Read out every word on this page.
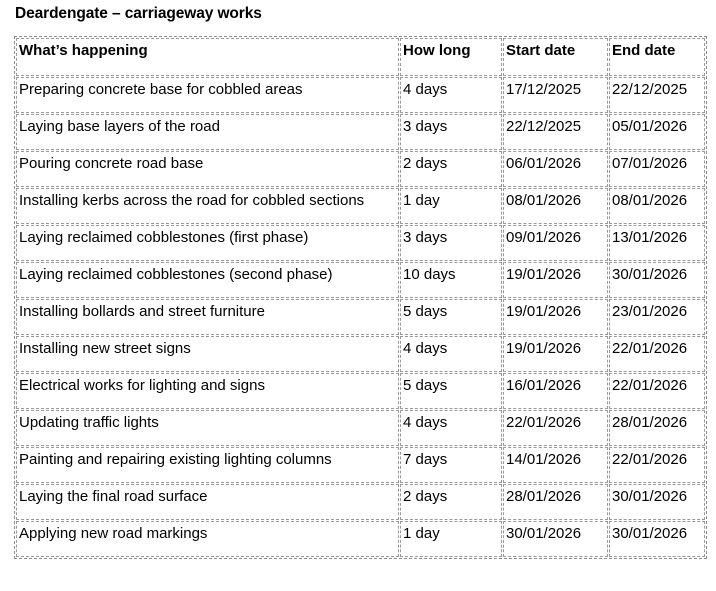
Deardengate – carriageway works
What’s happening	How long	Start date	End date
Preparing concrete base for cobbled areas	4 days	17/12/2025	22/12/2025
Laying base layers of the road	3 days	22/12/2025	05/01/2026
Pouring concrete road base	2 days	06/01/2026	07/01/2026
Installing kerbs across the road for cobbled sections	1 day	08/01/2026	08/01/2026
Laying reclaimed cobblestones (first phase)	3 days	09/01/2026	13/01/2026
Laying reclaimed cobblestones (second phase)	10 days	19/01/2026	30/01/2026
Installing bollards and street furniture	5 days	19/01/2026	23/01/2026
Installing new street signs	4 days	19/01/2026	22/01/2026
Electrical works for lighting and signs	5 days	16/01/2026	22/01/2026
Updating traffic lights	4 days	22/01/2026	28/01/2026
Painting and repairing existing lighting columns	7 days	14/01/2026	22/01/2026
Laying the final road surface	2 days	28/01/2026	30/01/2026
Applying new road markings	1 day	30/01/2026	30/01/2026
